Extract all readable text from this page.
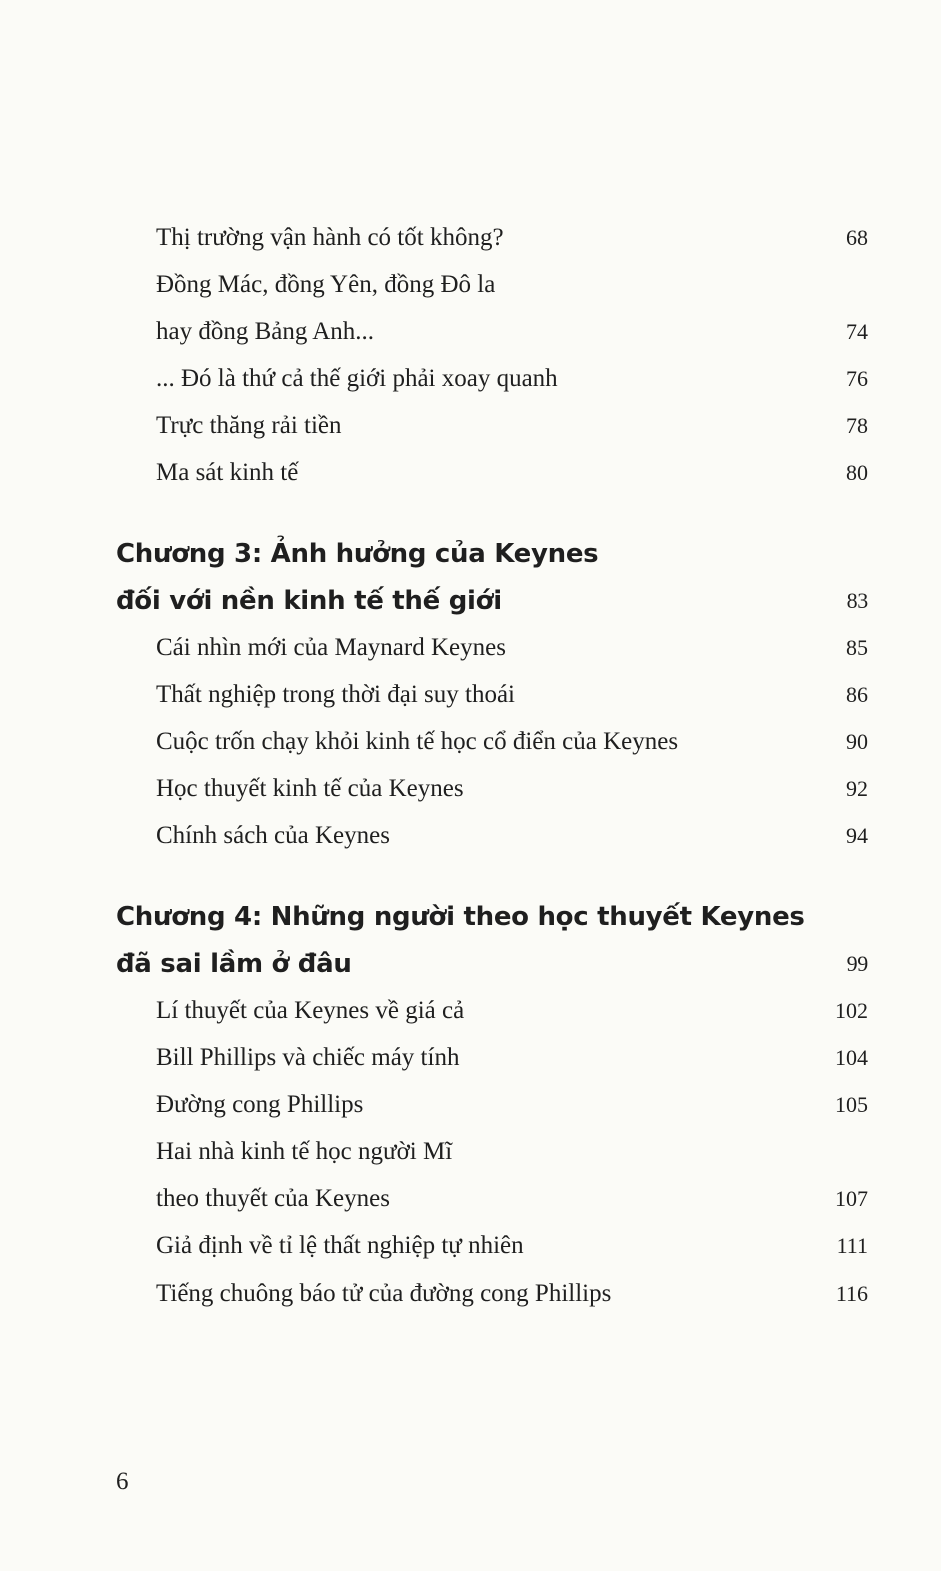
Thị trường vận hành có tốt không?	68
Đồng Mác, đồng Yên, đồng Đô la
hay đồng Bảng Anh...	74
... Đó là thứ cả thế giới phải xoay quanh	76
Trực thăng rải tiền	78
Ma sát kinh tế	80
Chương 3: Ảnh hưởng của Keynes
đối với nền kinh tế thế giới	83
Cái nhìn mới của Maynard Keynes	85
Thất nghiệp trong thời đại suy thoái	86
Cuộc trốn chạy khỏi kinh tế học cổ điển của Keynes	90
Học thuyết kinh tế của Keynes	92
Chính sách của Keynes	94
Chương 4: Những người theo học thuyết Keynes
đã sai lầm ở đâu	99
Lí thuyết của Keynes về giá cả	102
Bill Phillips và chiếc máy tính	104
Đường cong Phillips	105
Hai nhà kinh tế học người Mĩ
theo thuyết của Keynes	107
Giả định về tỉ lệ thất nghiệp tự nhiên	111
Tiếng chuông báo tử của đường cong Phillips	116
6
